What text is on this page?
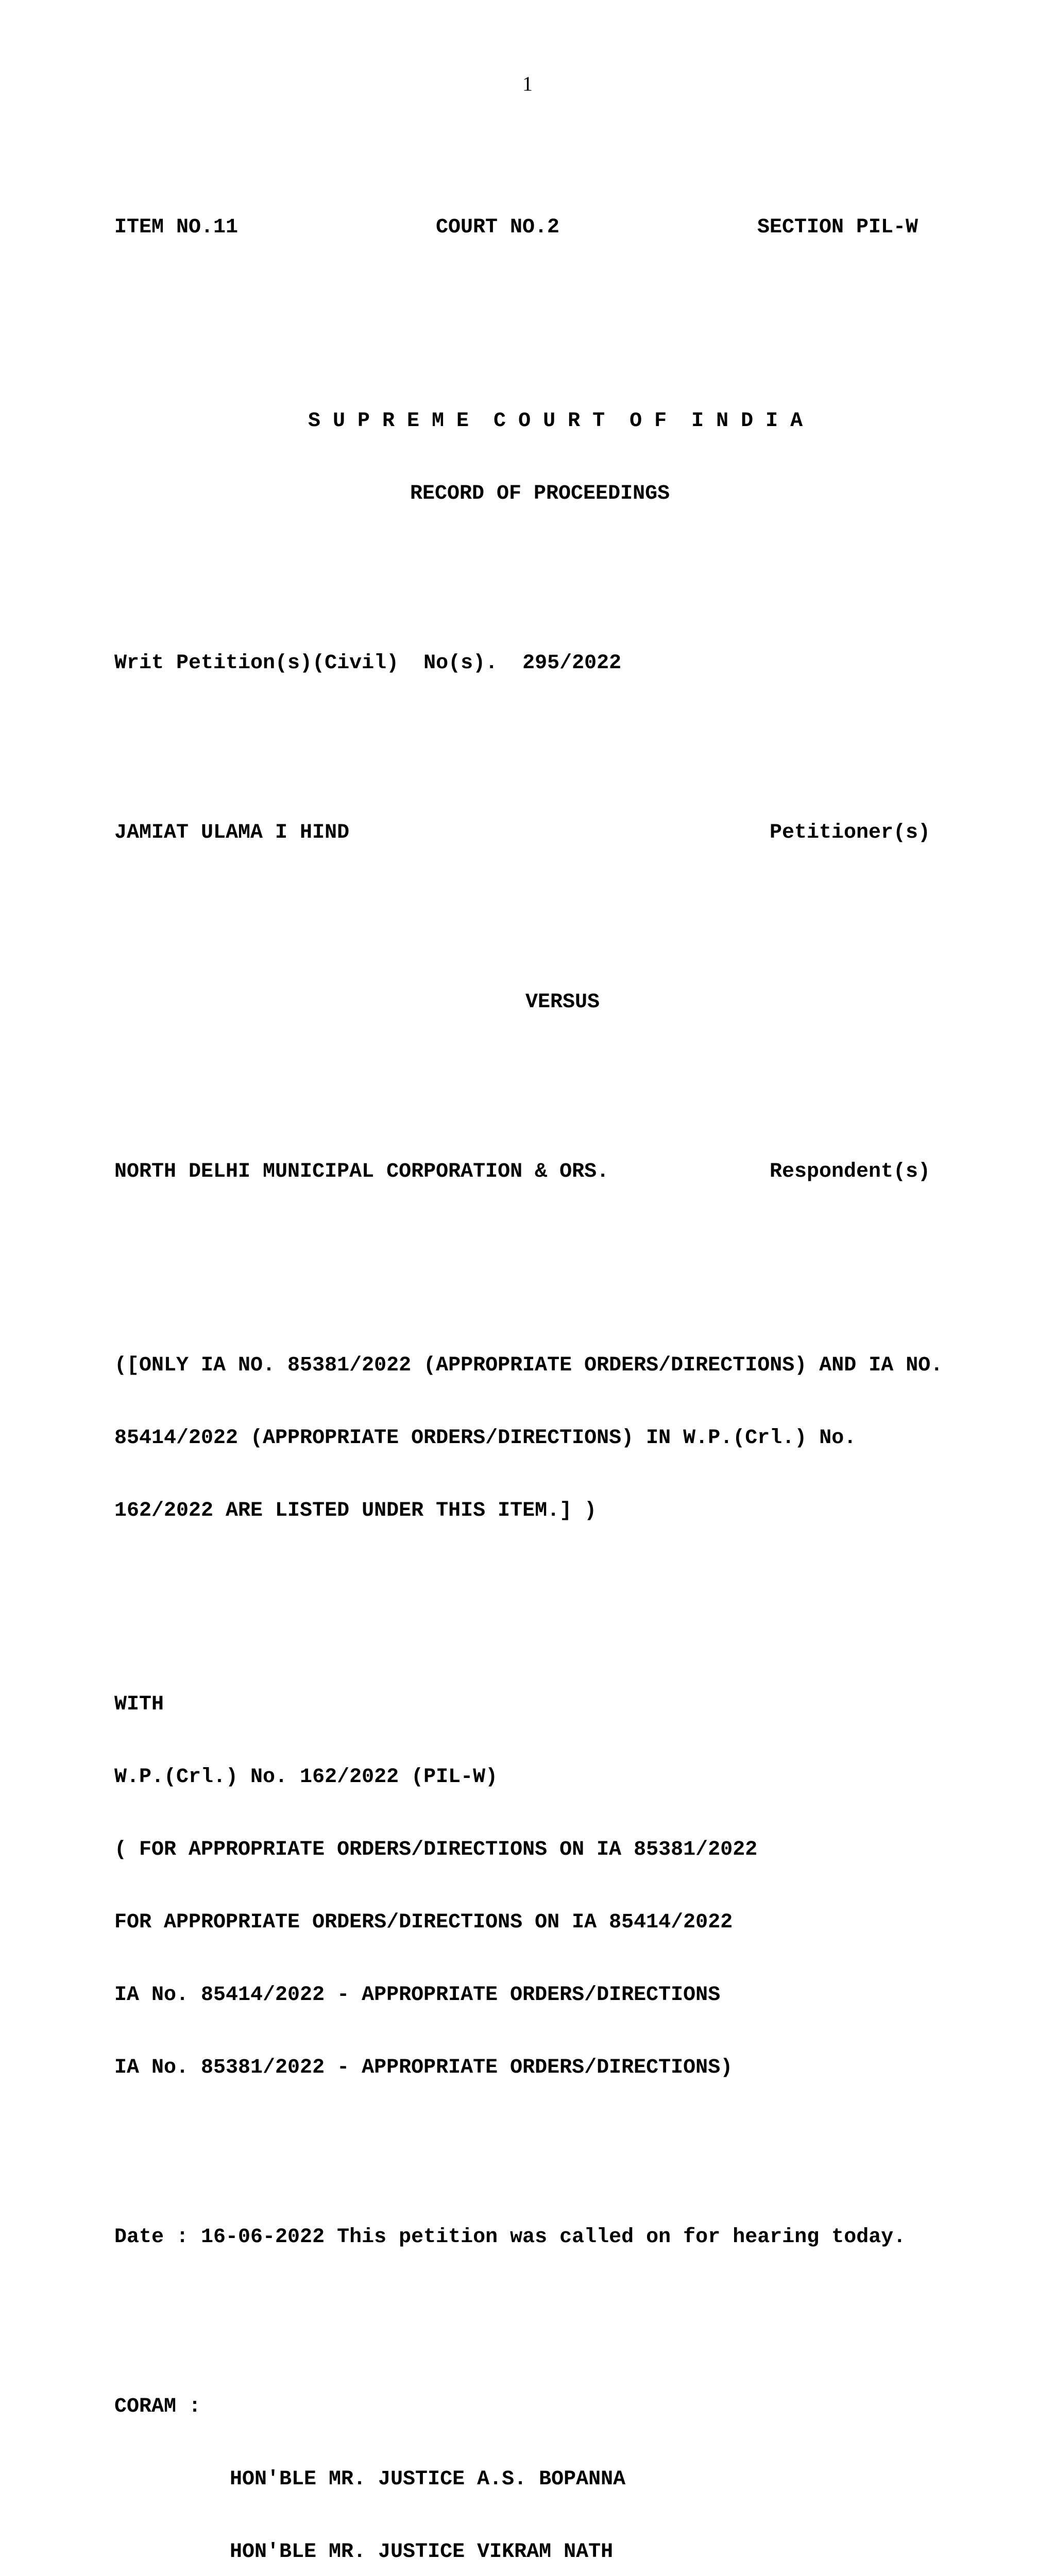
1

ITEM NO.11

	COURT NO.2

	SECTION PIL-W

S U P R E M E  C O U R T  O F  I N D I A

RECORD OF PROCEEDINGS

Writ Petition(s)(Civil)  No(s).  295/2022

JAMIAT ULAMA I HIND

	Petitioner(s)

VERSUS

NORTH DELHI MUNICIPAL CORPORATION & ORS.

	Respondent(s)

([ONLY IA NO. 85381/2022 (APPROPRIATE ORDERS/DIRECTIONS) AND IA NO.

85414/2022 (APPROPRIATE ORDERS/DIRECTIONS) IN W.P.(Crl.) No.

162/2022 ARE LISTED UNDER THIS ITEM.] )

WITH

W.P.(Crl.) No. 162/2022 (PIL-W)

( FOR APPROPRIATE ORDERS/DIRECTIONS ON IA 85381/2022

FOR APPROPRIATE ORDERS/DIRECTIONS ON IA 85414/2022

IA No. 85414/2022 - APPROPRIATE ORDERS/DIRECTIONS

IA No. 85381/2022 - APPROPRIATE ORDERS/DIRECTIONS)

Date : 16-06-2022 This petition was called on for hearing today.

CORAM :

HON'BLE MR. JUSTICE A.S. BOPANNA

HON'BLE MR. JUSTICE VIKRAM NATH
